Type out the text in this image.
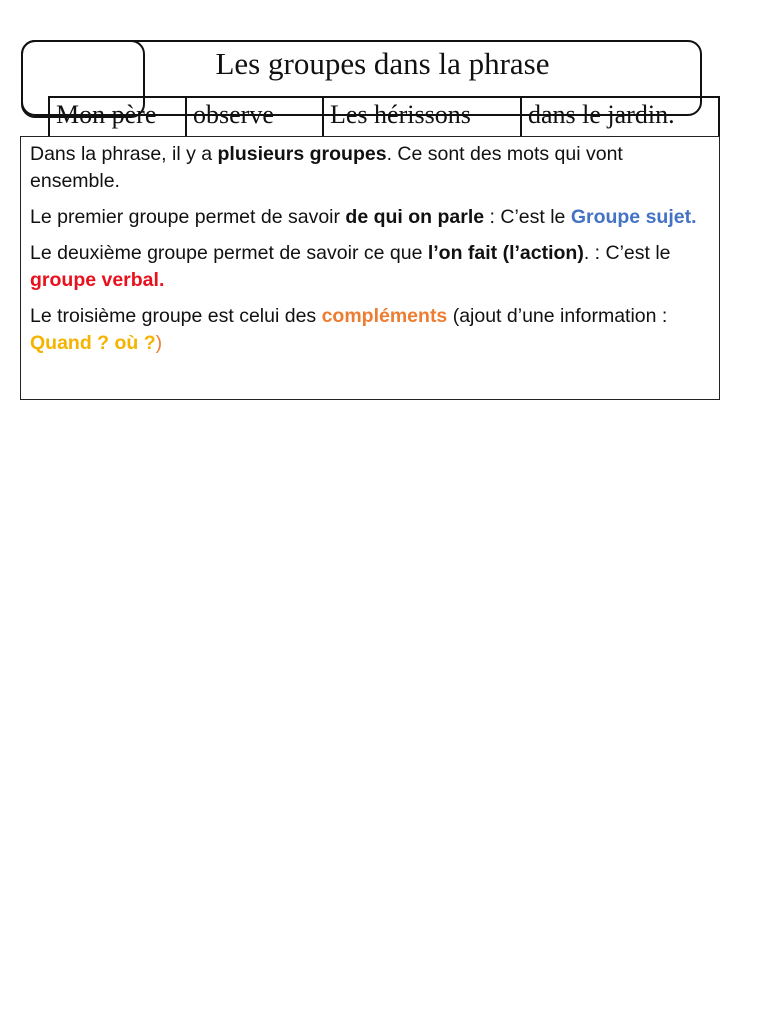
Les groupes dans la phrase
Mon père	observe	Les hérissons	dans le jardin.

Dans la phrase, il y a plusieurs groupes. Ce sont des mots qui vont ensemble.

Le premier groupe permet de savoir de qui on parle : C’est le Groupe sujet.

Le deuxième groupe permet de savoir ce que l’on fait (l’action). : C’est le groupe verbal.

Le troisième groupe est celui des compléments (ajout d’une information : Quand ? où ?)
